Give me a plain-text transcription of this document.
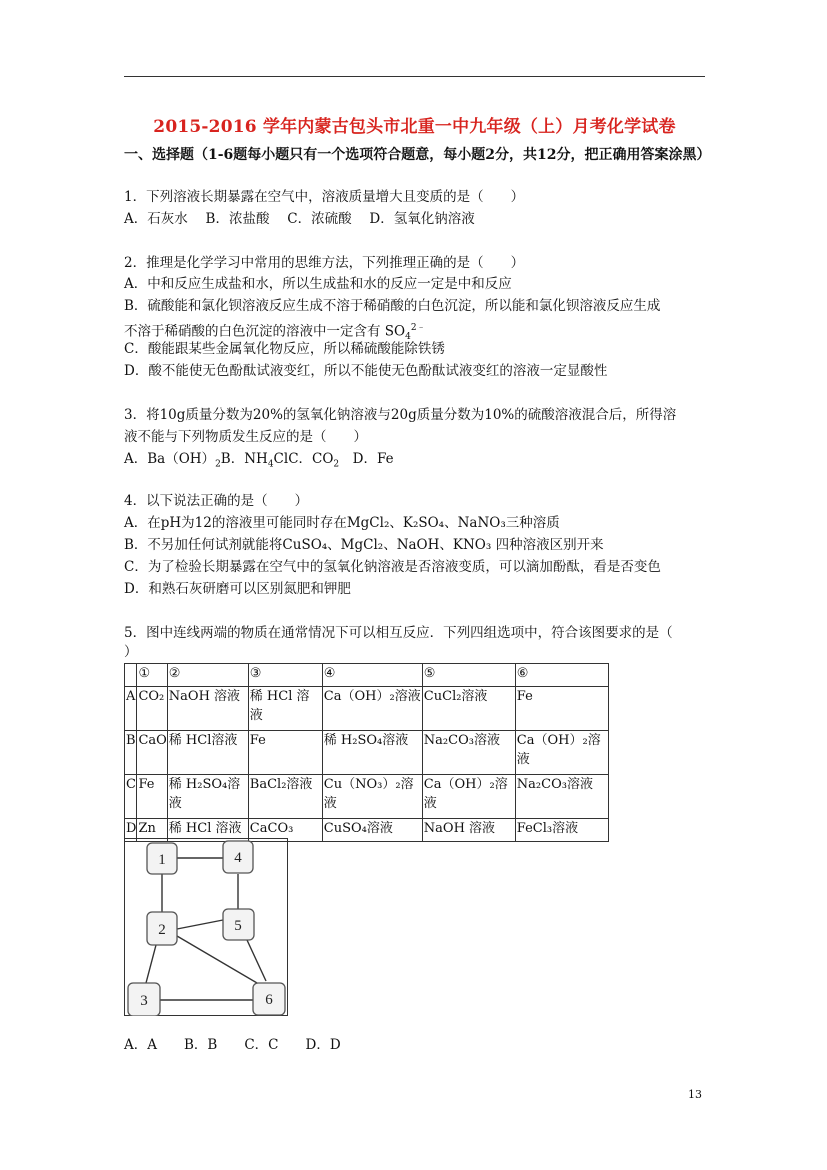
2015-2016 学年内蒙古包头市北重一中九年级（上）月考化学试卷
一、选择题（1-6题每小题只有一个选项符合题意，每小题2分，共12分，把正确用答案涂黑）
1．下列溶液长期暴露在空气中，溶液质量增大且变质的是（　　）
A．石灰水　 B．浓盐酸　 C．浓硫酸　 D．氢氧化钠溶液
2．推理是化学学习中常用的思维方法，下列推理正确的是（　　）
A．中和反应生成盐和水，所以生成盐和水的反应一定是中和反应
B．硫酸能和氯化钡溶液反应生成不溶于稀硝酸的白色沉淀，所以能和氯化钡溶液反应生成
不溶于稀硝酸的白色沉淀的溶液中一定含有 $SO_4^{2﹣}$
C．酸能跟某些金属氧化物反应，所以稀硫酸能除铁锈
D．酸不能使无色酚酞试液变红，所以不能使无色酚酞试液变红的溶液一定显酸性
3．将10g质量分数为20%的氢氧化钠溶液与20g质量分数为10%的硫酸溶液混合后，所得溶
液不能与下列物质发生反应的是（　　）
A．$Ba(OH)_2B$．$NH_4ClC$．$CO_2$　D．Fe
4．以下说法正确的是（　　）
A．在pH为12的溶液里可能同时存在MgCl₂、K₂SO₄、NaNO₃三种溶质
B．不另加任何试剂就能将CuSO₄、MgCl₂、NaOH、KNO₃ 四种溶液区别开来
C．为了检验长期暴露在空气中的氢氧化钠溶液是否溶液变质，可以滴加酚酞，看是否变色
D．和熟石灰研磨可以区别氮肥和钾肥
5．图中连线两端的物质在通常情况下可以相互反应．下列四组选项中，符合该图要求的是（
）
	①	②	③	④	⑤	⑥
A	CO₂	NaOH 溶液	稀 HCl 溶液	Ca（OH）₂溶液	CuCl₂溶液	Fe
B	CaO	稀 HCl溶液	Fe	稀 H₂SO₄溶液	Na₂CO₃溶液	Ca（OH）₂溶液
C	Fe	稀 H₂SO₄溶液	BaCl₂溶液	Cu（NO₃）₂溶液	Ca（OH）₂溶液	Na₂CO₃溶液
D	Zn	稀 HCl 溶液	CaCO₃	CuSO₄溶液	NaOH 溶液	FeCl₃溶液
1	4
2	5
3	6
A．A　　B．B　　C．C　　D．D
13
